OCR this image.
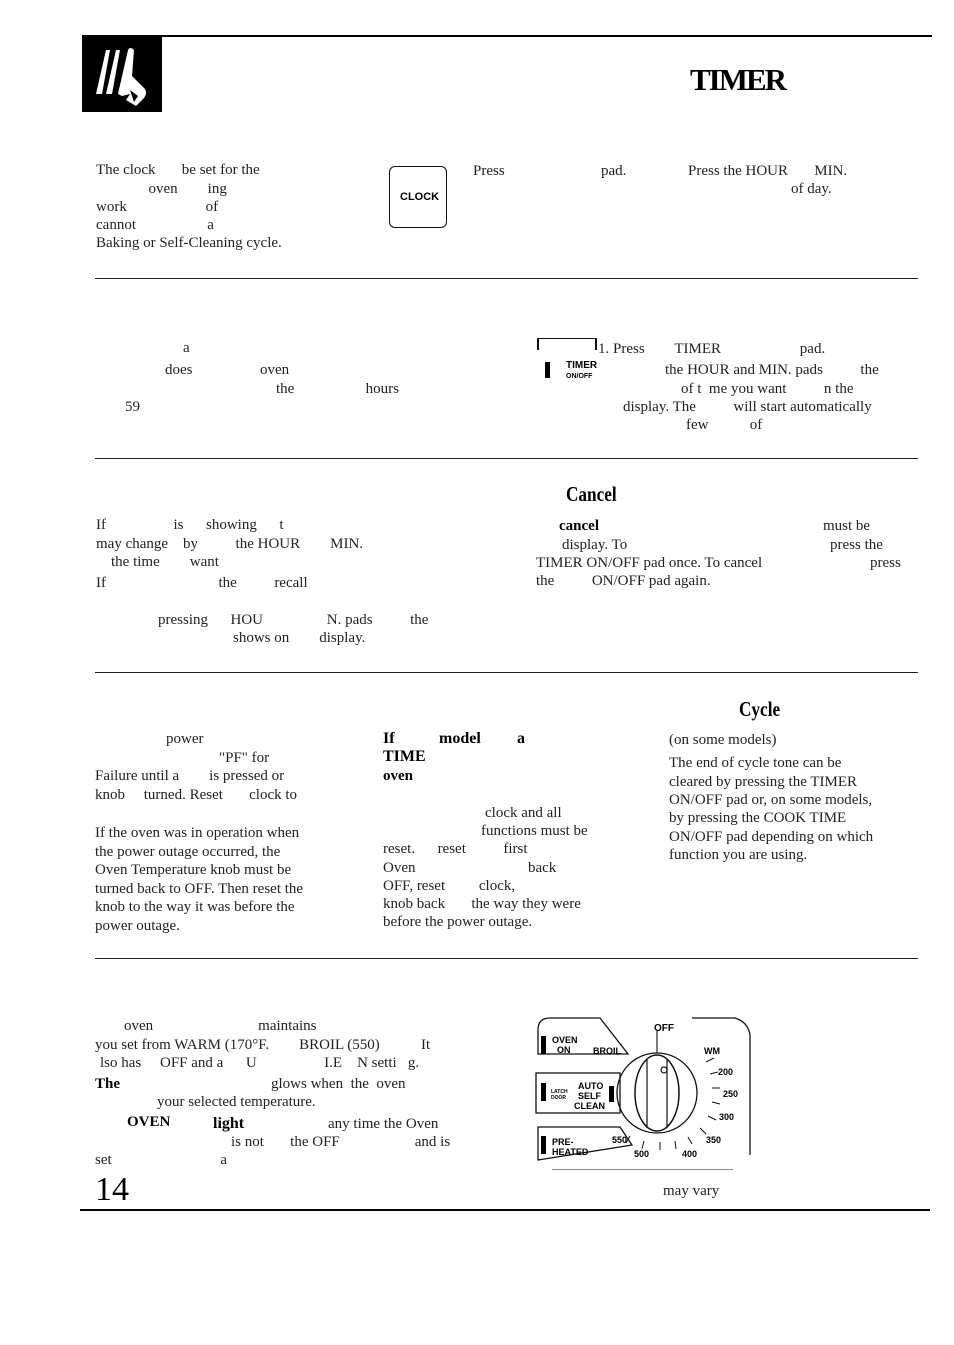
TIMER
The clock       be set for the
oven        ing
work                     of
cannot                   a
Baking or Self-Cleaning cycle.
CLOCK
Press	pad.	Press the HOUR       MIN.
of day.
a
does                  oven
the                   hours
59
TIMER
ON/OFF
1. Press        TIMER                     pad.
the HOUR and MIN. pads          the
of t  me you want          n the
display. The          will start automatically
few           of
Cancel
If                  is      showing      t
may change    by          the HOUR        MIN.
the time        want
If                              the          recall
pressing      HOU                 N. pads          the
shows on        display.
cancel	must be
display. To	press the
TIMER ON/OFF pad once. To cancel	press
the          ON/OFF pad again.
power
"PF" for
Failure until a        is pressed or
knob     turned. Reset       clock to
If the oven was in operation when
the power outage occurred, the
Oven Temperature knob must be
turned back to OFF. Then reset the
knob to the way it was before the
power outage.
If	model a
TIME
oven
clock and all
functions must be
reset.      reset          first
Oven                              back
OFF, reset         clock,
knob back       the way they were
before the power outage.
Cycle
(on some models)
The end of cycle tone can be
cleared by pressing the TIMER
ON/OFF pad or, on some models,
by pressing the COOK TIME
ON/OFF pad depending on which
function you are using.
oven                            maintains
you set from WARM (170°F.        BROIL (550)           It
lso has     OFF and a      U                  I.E    N setti   g.
The	glows when  the  oven
your selected temperature.
OVEN	light	any time the Oven
is not       the OFF                    and is
set                             a
OVEN
ON	BROIL
LATCH
DOOR
AUTO
SELF
CLEAN
PRE-
HEATED
OFF
WM
200
250
300
350
400
500
550
may vary
14
